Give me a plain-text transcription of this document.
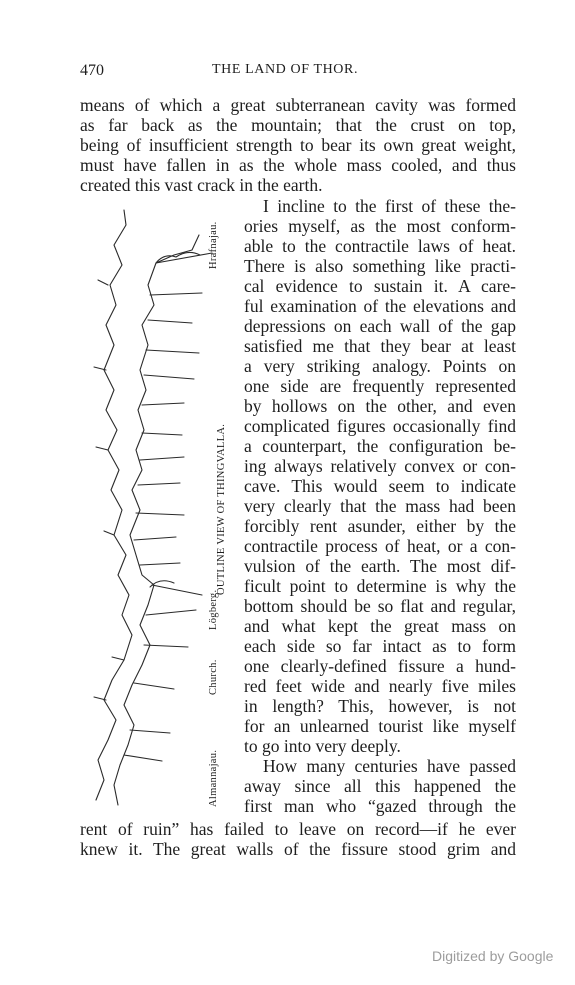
470	THE LAND OF THOR.
means of which a great subterranean cavity was formed
as far back as the mountain; that the crust on top,
being of insufficient strength to bear its own great weight,
must have fallen in as the whole mass cooled, and thus
created this vast crack in the earth.
I incline to the first of these the-
ories myself, as the most conform-
able to the contractile laws of heat.
There is also something like practi-
cal evidence to sustain it. A care-
ful examination of the elevations and
depressions on each wall of the gap
satisfied me that they bear at least
a very striking analogy. Points on
one side are frequently represented
by hollows on the other, and even
complicated figures occasionally find
a counterpart, the configuration be-
ing always relatively convex or con-
cave. This would seem to indicate
very clearly that the mass had been
forcibly rent asunder, either by the
contractile process of heat, or a con-
vulsion of the earth. The most dif-
ficult point to determine is why the
bottom should be so flat and regular,
and what kept the great mass on
each side so far intact as to form
one clearly-defined fissure a hund-
red feet wide and nearly five miles
in length? This, however, is not
for an unlearned tourist like myself
to go into very deeply.
How many centuries have passed
away since all this happened the
first man who “gazed through the
rent of ruin” has failed to leave on record—if he ever
knew it. The great walls of the fissure stood grim and
Hrafnajau.
OUTLINE VIEW OF THINGVALLA.
Lögberg.
Church.
Almannajau.
Digitized by Google
